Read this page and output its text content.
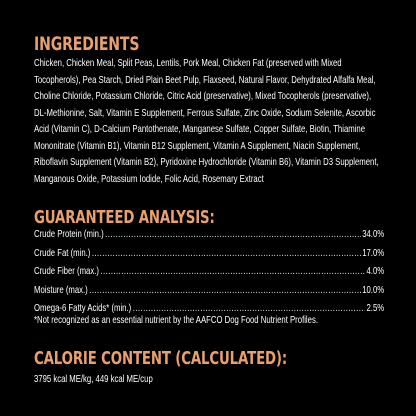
INGREDIENTS

Chicken, Chicken Meal, Split Peas, Lentils, Pork Meal, Chicken Fat (preserved with Mixed Tocopherols), Pea Starch, Dried Plain Beet Pulp, Flaxseed, Natural Flavor, Dehydrated Alfalfa Meal, Choline Chloride, Potassium Chloride, Citric Acid (preservative), Mixed Tocopherols (preservative), DL-Methionine, Salt, Vitamin E Supplement, Ferrous Sulfate, Zinc Oxide, Sodium Selenite, Ascorbic Acid (Vitamin C), D-Calcium Pantothenate, Manganese Sulfate, Copper Sulfate, Biotin, Thiamine Mononitrate (Vitamin B1), Vitamin B12 Supplement, Vitamin A Supplement, Niacin Supplement, Riboflavin Supplement (Vitamin B2), Pyridoxine Hydrochloride (Vitamin B6), Vitamin D3 Supplement, Manganous Oxide, Potassium Iodide, Folic Acid, Rosemary Extract

GUARANTEED ANALYSIS:
Crude Protein (min.) .....	34.0%
Crude Fat (min.) .....	17.0%
Crude Fiber (max.) .....	4.0%
Moisture (max.) .....	10.0%
Omega-6 Fatty Acids* (min.) .....	2.5%

*Not recognized as an essential nutrient by the AAFCO Dog Food Nutrient Profiles.

CALORIE CONTENT (CALCULATED):

3795 kcal ME/kg, 449 kcal ME/cup
